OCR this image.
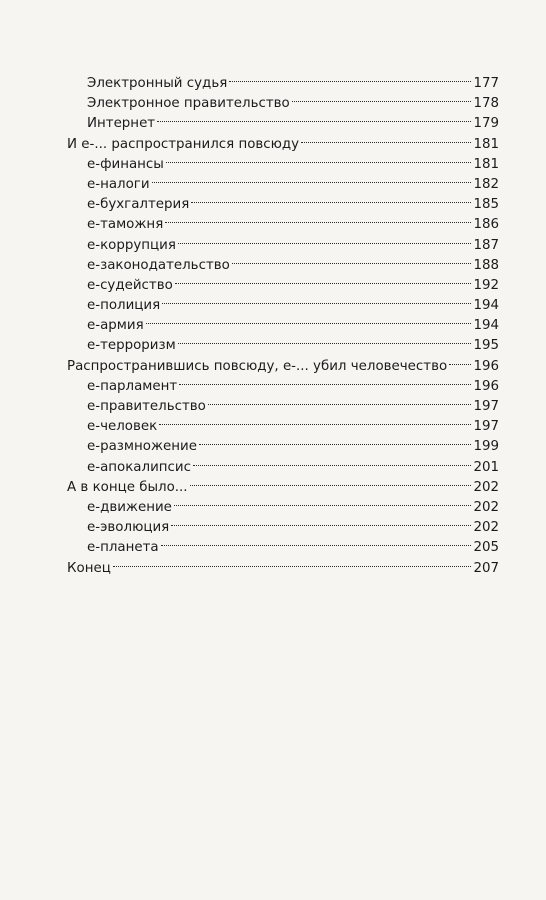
Электронный судья	177
Электронное правительство	178
Интернет	179
И е-... распространился повсюду	181
е-финансы	181
е-налоги	182
е-бухгалтерия	185
е-таможня	186
е-коррупция	187
е-законодательство	188
е-судейство	192
е-полиция	194
е-армия	194
е-терроризм	195
Распространившись повсюду, е-... убил человечество 196
е-парламент	196
е-правительство	197
е-человек	197
е-размножение	199
е-апокалипсис	201
А в конце было...	202
е-движение	202
е-эволюция	202
е-планета	205
Конец	207
